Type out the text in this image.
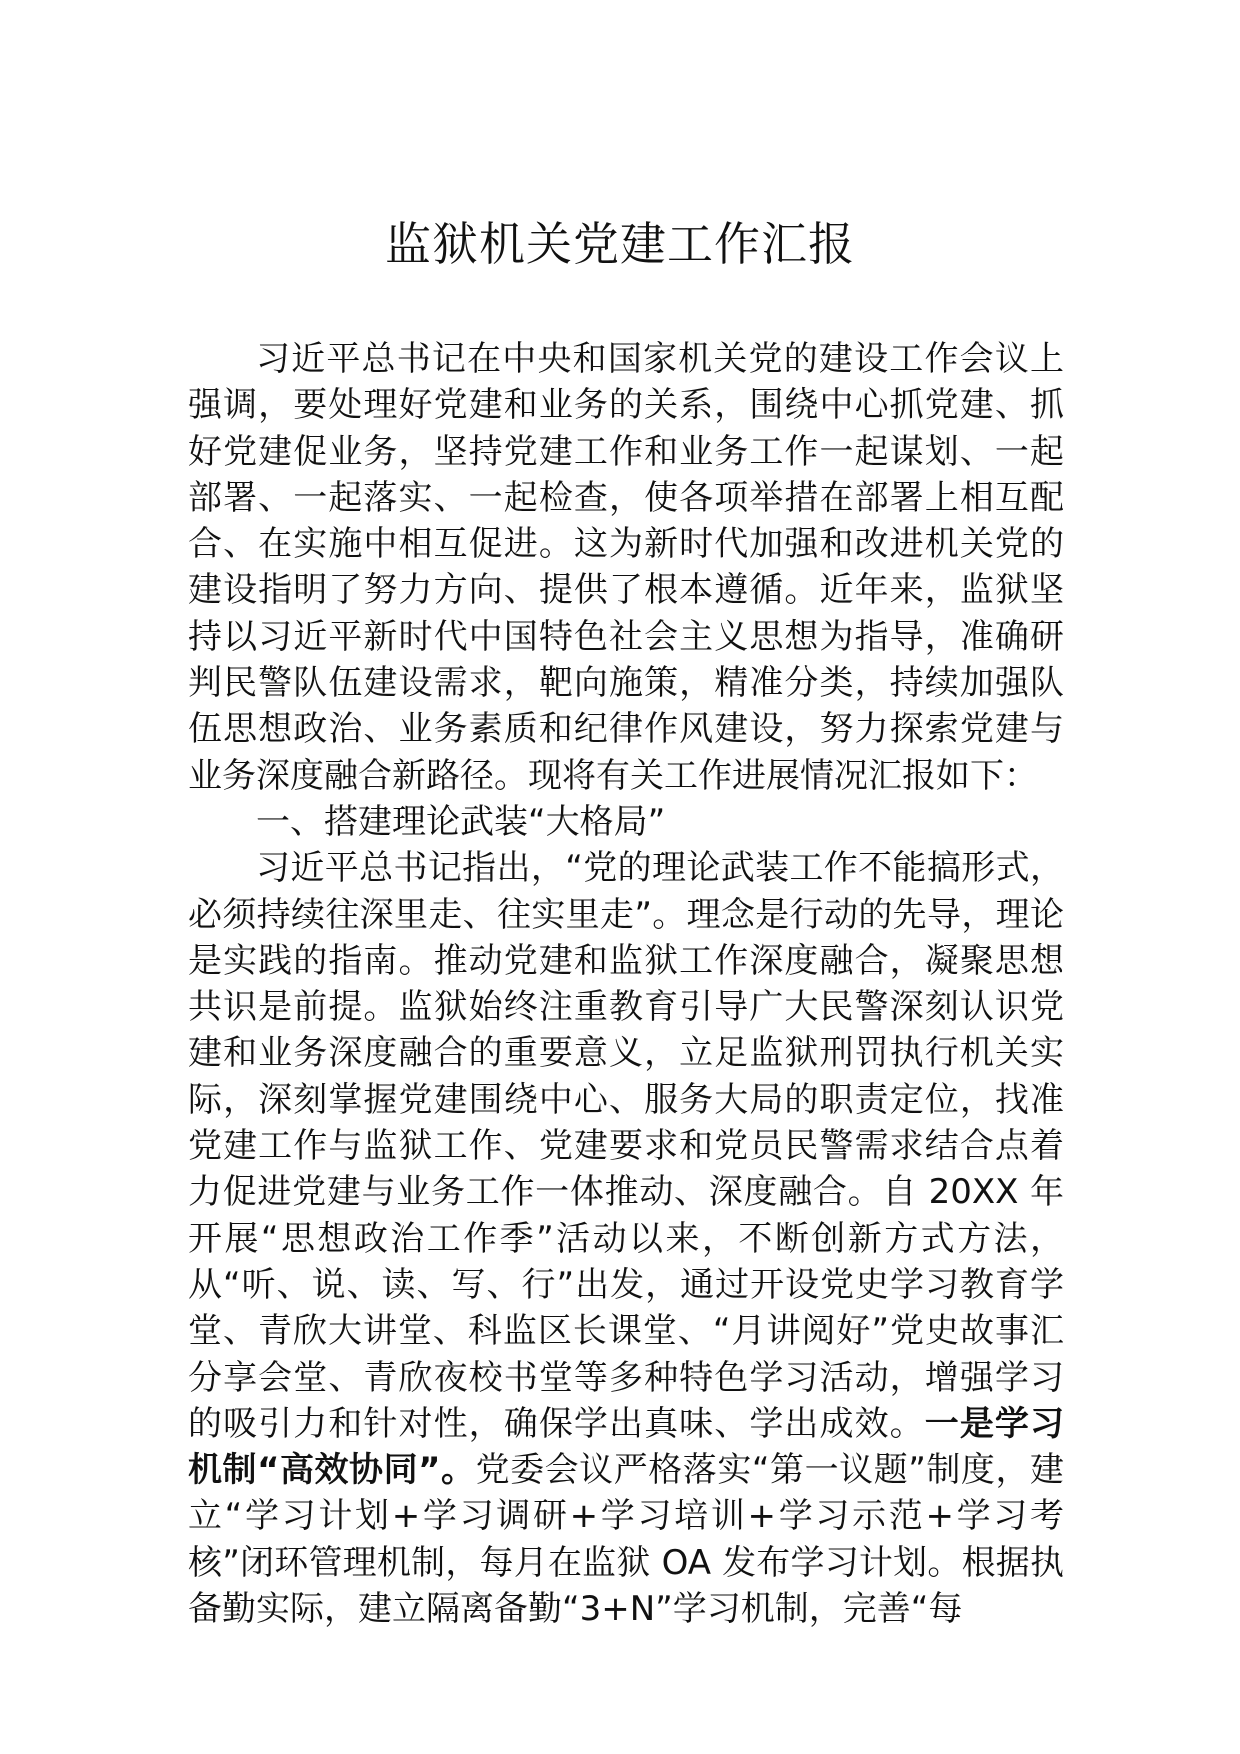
监狱机关党建工作汇报

习近平总书记在中央和国家机关党的建设工作会议上强调，要处理好党建和业务的关系，围绕中心抓党建、抓好党建促业务，坚持党建工作和业务工作一起谋划、一起部署、一起落实、一起检查，使各项举措在部署上相互配合、在实施中相互促进。这为新时代加强和改进机关党的建设指明了努力方向、提供了根本遵循。近年来，监狱坚持以习近平新时代中国特色社会主义思想为指导，准确研判民警队伍建设需求，靶向施策，精准分类，持续加强队伍思想政治、业务素质和纪律作风建设，努力探索党建与业务深度融合新路径。现将有关工作进展情况汇报如下：

一、搭建理论武装“大格局”

习近平总书记指出，“党的理论武装工作不能搞形式，必须持续往深里走、往实里走”。理念是行动的先导，理论是实践的指南。推动党建和监狱工作深度融合，凝聚思想共识是前提。监狱始终注重教育引导广大民警深刻认识党建和业务深度融合的重要意义，立足监狱刑罚执行机关实际，深刻掌握党建围绕中心、服务大局的职责定位，找准党建工作与监狱工作、党建要求和党员民警需求结合点着力促进党建与业务工作一体推动、深度融合。自 20XX 年开展“思想政治工作季”活动以来，不断创新方式方法，从“听、说、读、写、行”出发，通过开设党史学习教育学堂、青欣大讲堂、科监区长课堂、“月讲阅好”党史故事汇分享会堂、青欣夜校书堂等多种特色学习活动，增强学习的吸引力和针对性，确保学出真味、学出成效。一是学习机制“高效协同”。党委会议严格落实“第一议题”制度，建立“学习计划+学习调研+学习培训+学习示范+学习考核”闭环管理机制，每月在监狱 OA 发布学习计划。根据执备勤实际，建立隔离备勤“3+N”学习机制，完善“每
